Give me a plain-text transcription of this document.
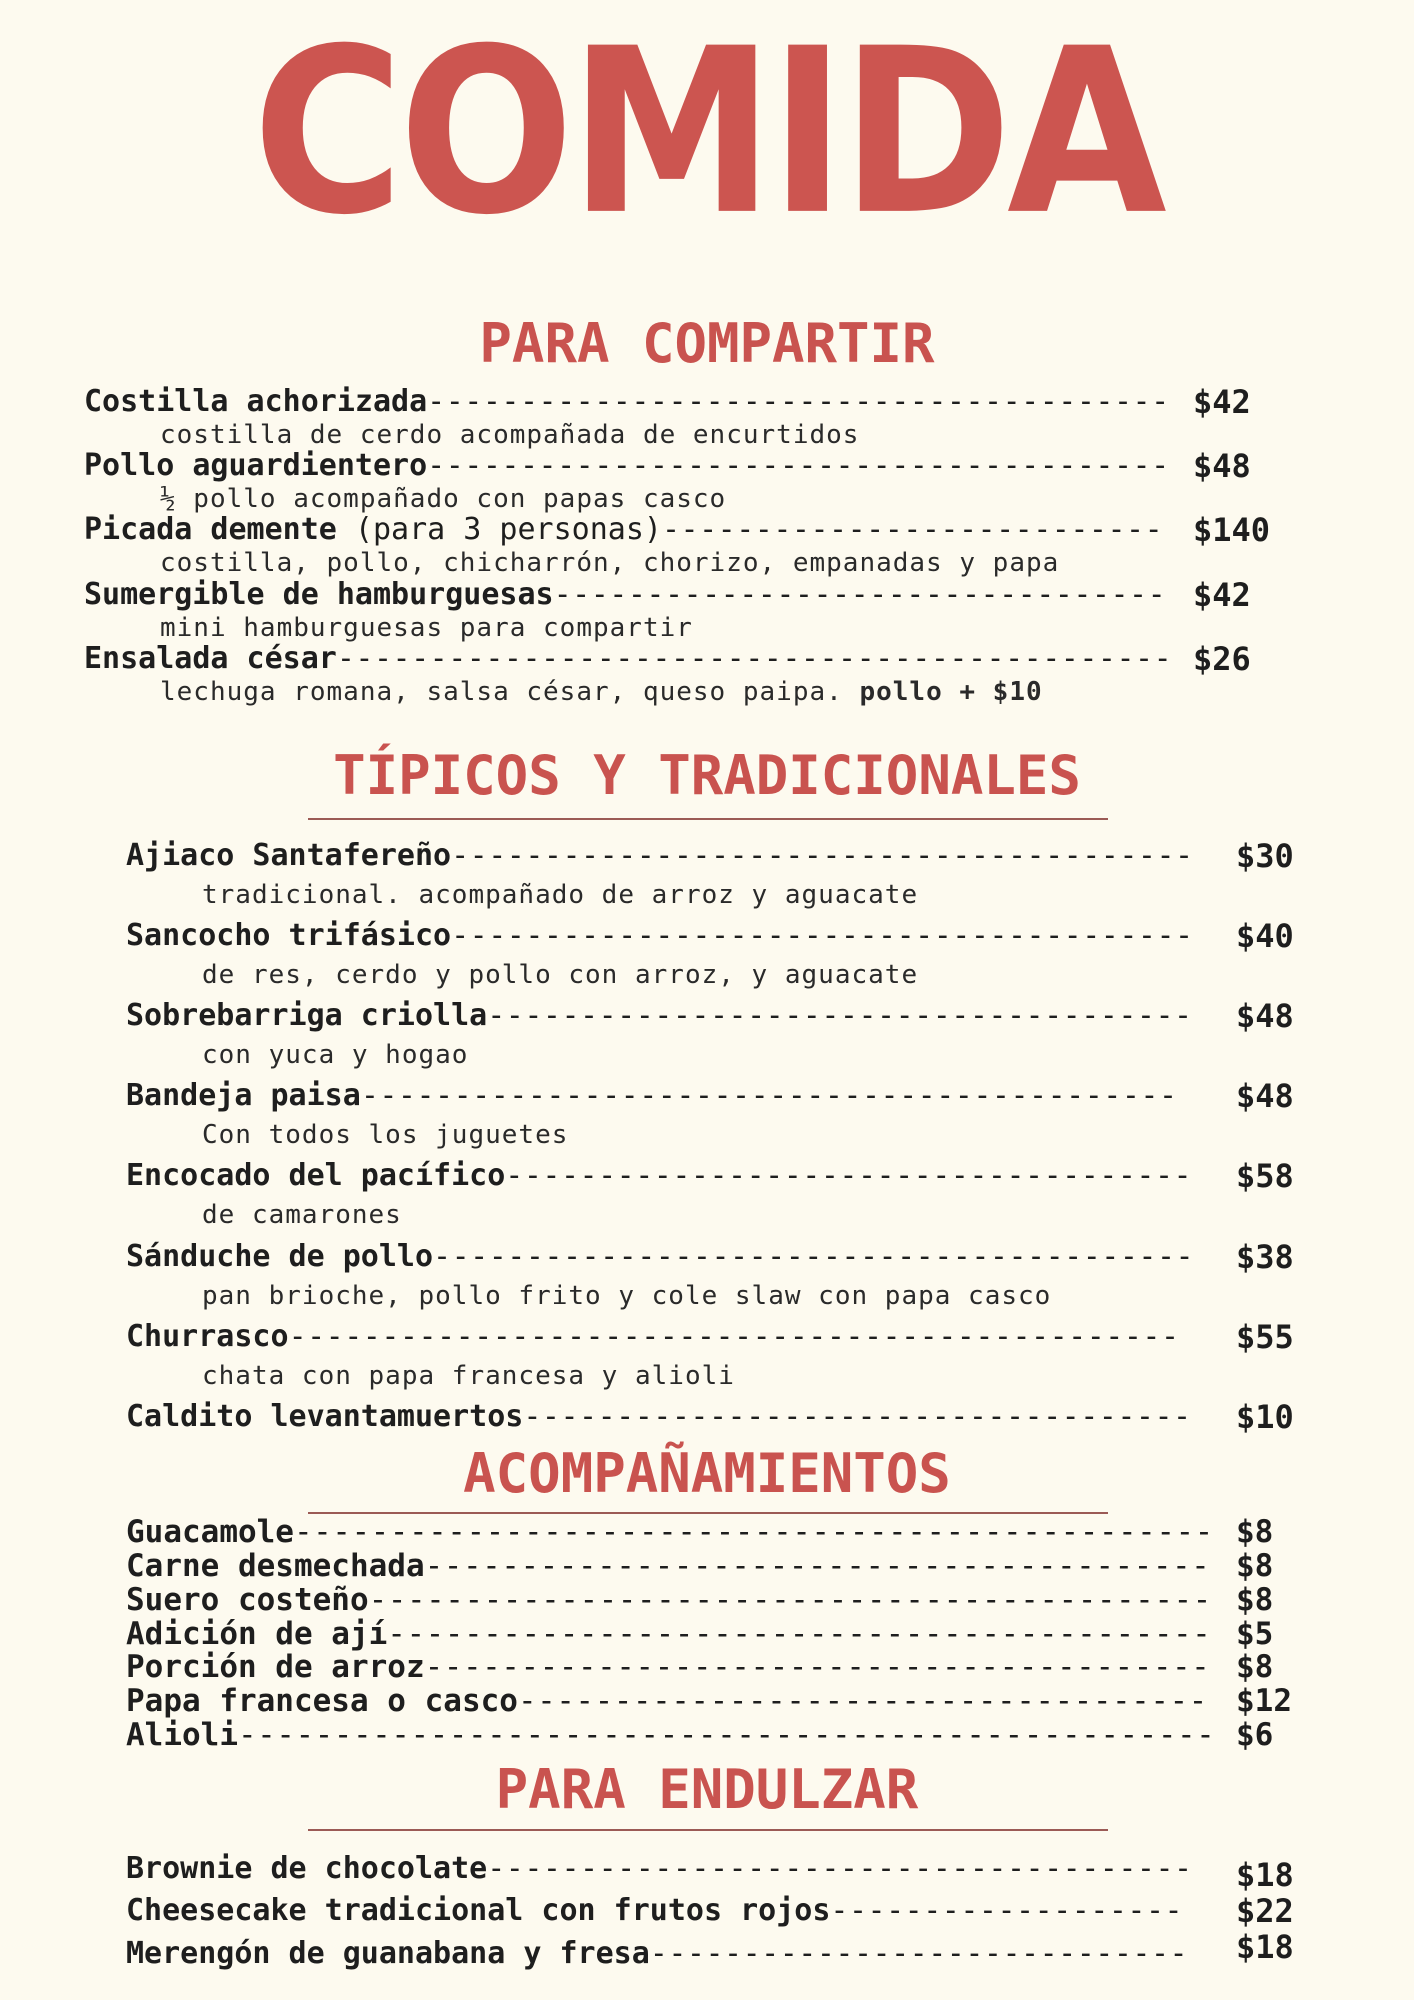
COMIDA
PARA COMPARTIR
Costilla achorizada---------------------------------------- $42
costilla de cerdo acompañada de encurtidos
Pollo aguardientero---------------------------------------- $48
½ pollo acompañado con papas casco
Picada demente (para 3 personas)--------------------------- $140
costilla, pollo, chicharrón, chorizo, empanadas y papa
Sumergible de hamburguesas--------------------------------- $42
mini hamburguesas para compartir
Ensalada césar--------------------------------------------- $26
lechuga romana, salsa césar, queso paipa. pollo + $10
TÍPICOS Y TRADICIONALES
Ajiaco Santafereño---------------------------------------- $30
tradicional. acompañado de arroz y aguacate
Sancocho trifásico---------------------------------------- $40
de res, cerdo y pollo con arroz, y aguacate
Sobrebarriga criolla-------------------------------------- $48
con yuca y hogao
Bandeja paisa-------------------------------------------- $48
Con todos los juguetes
Encocado del pacífico------------------------------------- $58
de camarones
Sánduche de pollo----------------------------------------- $38
pan brioche, pollo frito y cole slaw con papa casco
Churrasco------------------------------------------------ $55
chata con papa francesa y alioli
Caldito levantamuertos------------------------------------ $10
ACOMPAÑAMIENTOS
Guacamole------------------------------------------------ $8
Carne desmechada----------------------------------------- $8
Suero costeño-------------------------------------------- $8
Adición de ají------------------------------------------- $5
Porción de arroz----------------------------------------- $8
Papa francesa o casco------------------------------------ $12
Alioli--------------------------------------------------- $6
PARA ENDULZAR
Brownie de chocolate-------------------------------------- $18
Cheesecake tradicional con frutos rojos------------------- $22
Merengón de guanabana y fresa----------------------------- $18
